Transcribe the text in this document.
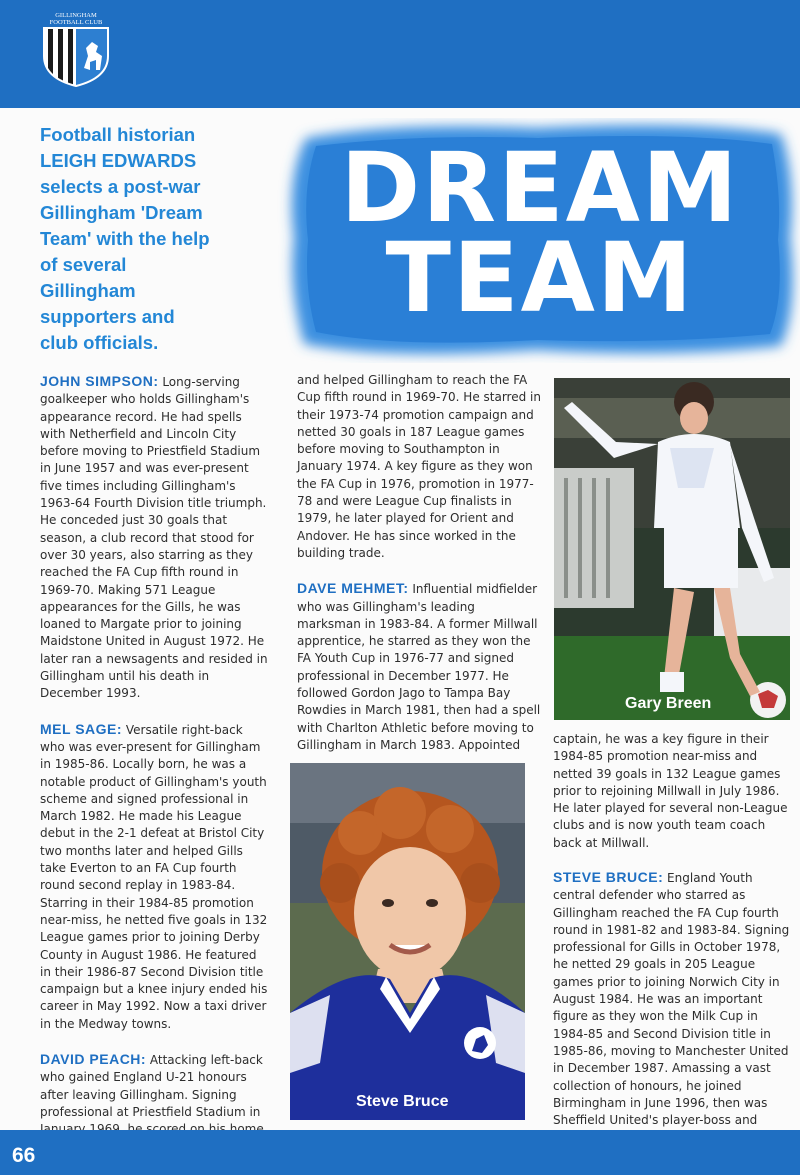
GILLINGHAM FOOTBALL CLUB
Football historian
LEIGH EDWARDS
selects a post-war
Gillingham 'Dream
Team' with the help
of several
Gillingham
supporters and
club officials.
DREAM
TEAM

JOHN SIMPSON: Long-serving goalkeeper who holds Gillingham's appearance record. He had spells with Netherfield and Lincoln City before moving to Priestfield Stadium in June 1957 and was ever-present five times including Gillingham's 1963-64 Fourth Division title triumph. He conceded just 30 goals that season, a club record that stood for over 30 years, also starring as they reached the FA Cup fifth round in 1969-70. Making 571 League appearances for the Gills, he was loaned to Margate prior to joining Maidstone United in August 1972. He later ran a newsagents and resided in Gillingham until his death in December 1993.

MEL SAGE: Versatile right-back who was ever-present for Gillingham in 1985-86. Locally born, he was a notable product of Gillingham's youth scheme and signed professional in March 1982. He made his League debut in the 2-1 defeat at Bristol City two months later and helped Gills take Everton to an FA Cup fourth round second replay in 1983-84. Starring in their 1984-85 promotion near-miss, he netted five goals in 132 League games prior to joining Derby County in August 1986. He featured in their 1986-87 Second Division title campaign but a knee injury ended his career in May 1992. Now a taxi driver in the Medway towns.

DAVID PEACH: Attacking left-back who gained England U-21 honours after leaving Gillingham. Signing professional at Priestfield Stadium in

and helped Gillingham to reach the FA Cup fifth round in 1969-70. He starred in their 1973-74 promotion campaign and netted 30 goals in 187 League games before moving to Southampton in January 1974. A key figure as they won the FA Cup in 1976, promotion in 1977-78 and were League Cup finalists in 1979, he later played for Orient and Andover. He has since worked in the building trade.

DAVE MEHMET: Influential midfielder who was Gillingham's leading marksman in 1983-84. A former Millwall apprentice, he starred as they won the FA Youth Cup in 1976-77 and signed professional in December 1977. He followed Gordon Jago to Tampa Bay Rowdies in March 1981, then had a spell with Charlton Athletic before moving to Gillingham in March 1983. Appointed

Gary Breen

captain, he was a key figure in their 1984-85 promotion near-miss and netted 39 goals in 132 League games prior to rejoining Millwall in July 1986. He later played for several non-League clubs and is now youth team coach back at Millwall.

STEVE BRUCE: England Youth central defender who starred as Gillingham reached the FA Cup fourth round in 1981-82 and 1983-84. Signing professional for Gills in October 1978, he netted 29 goals in 205 League games prior to joining Norwich City in August 1984. He was an important figure as they won the Milk Cup in 1984-85 and Second Division title in 1985-86, moving to Manchester United in December 1987. Amassing a vast collection of honours, he joined Birmingham in June 1996, then was Sheffield United's player-boss and

Steve Bruce
66
